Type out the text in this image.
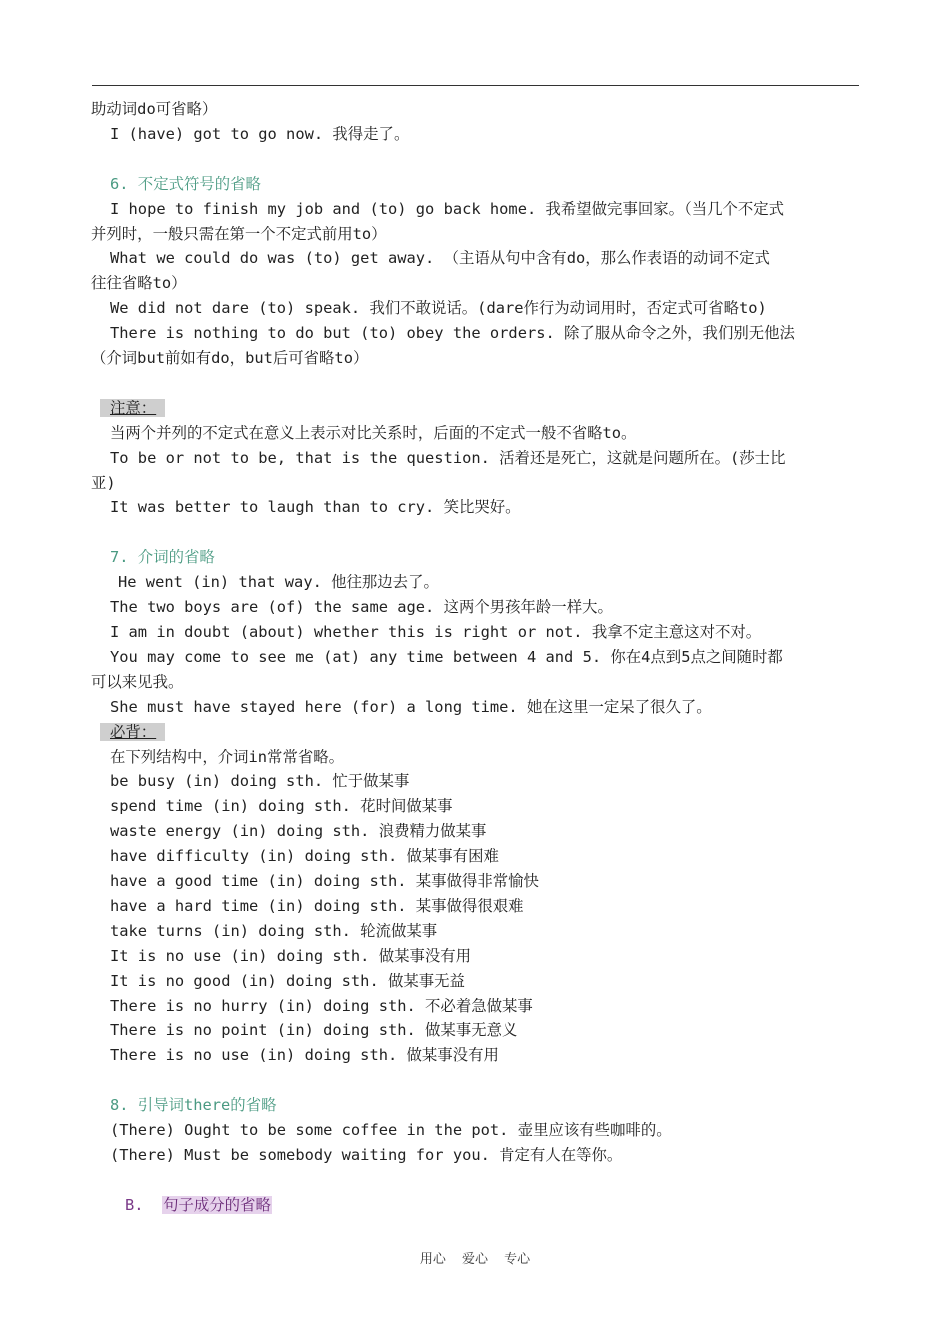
助动词do可省略）

I (have) got to go now. 我得走了。

6. 不定式符号的省略

I hope to finish my job and (to) go back home. 我希望做完事回家。（当几个不定式

并列时，一般只需在第一个不定式前用to）

What we could do was (to) get away. （主语从句中含有do，那么作表语的动词不定式

往往省略to）

We did not dare (to) speak. 我们不敢说话。(dare作行为动词用时，否定式可省略to)

There is nothing to do but (to) obey the orders. 除了服从命令之外，我们别无他法

（介词but前如有do，but后可省略to）

注意：

当两个并列的不定式在意义上表示对比关系时，后面的不定式一般不省略to。

To be or not to be, that is the question. 活着还是死亡，这就是问题所在。(莎士比

亚)

It was better to laugh than to cry. 笑比哭好。

7. 介词的省略

He went (in) that way. 他往那边去了。

The two boys are (of) the same age. 这两个男孩年龄一样大。

I am in doubt (about) whether this is right or not. 我拿不定主意这对不对。

You may come to see me (at) any time between 4 and 5. 你在4点到5点之间随时都

可以来见我。

She must have stayed here (for) a long time. 她在这里一定呆了很久了。

必背：

在下列结构中，介词in常常省略。

be busy (in) doing sth. 忙于做某事

spend time (in) doing sth. 花时间做某事

waste energy (in) doing sth. 浪费精力做某事

have difficulty (in) doing sth. 做某事有困难

have a good time (in) doing sth. 某事做得非常愉快

have a hard time (in) doing sth. 某事做得很艰难

take turns (in) doing sth. 轮流做某事

It is no use (in) doing sth. 做某事没有用

It is no good (in) doing sth. 做某事无益

There is no hurry (in) doing sth. 不必着急做某事

There is no point (in) doing sth. 做某事无意义

There is no use (in) doing sth. 做某事没有用

8. 引导词there的省略

(There) Ought to be some coffee in the pot. 壶里应该有些咖啡的。

(There) Must be somebody waiting for you. 肯定有人在等你。

B. 句子成分的省略

用心 爱心 专心
